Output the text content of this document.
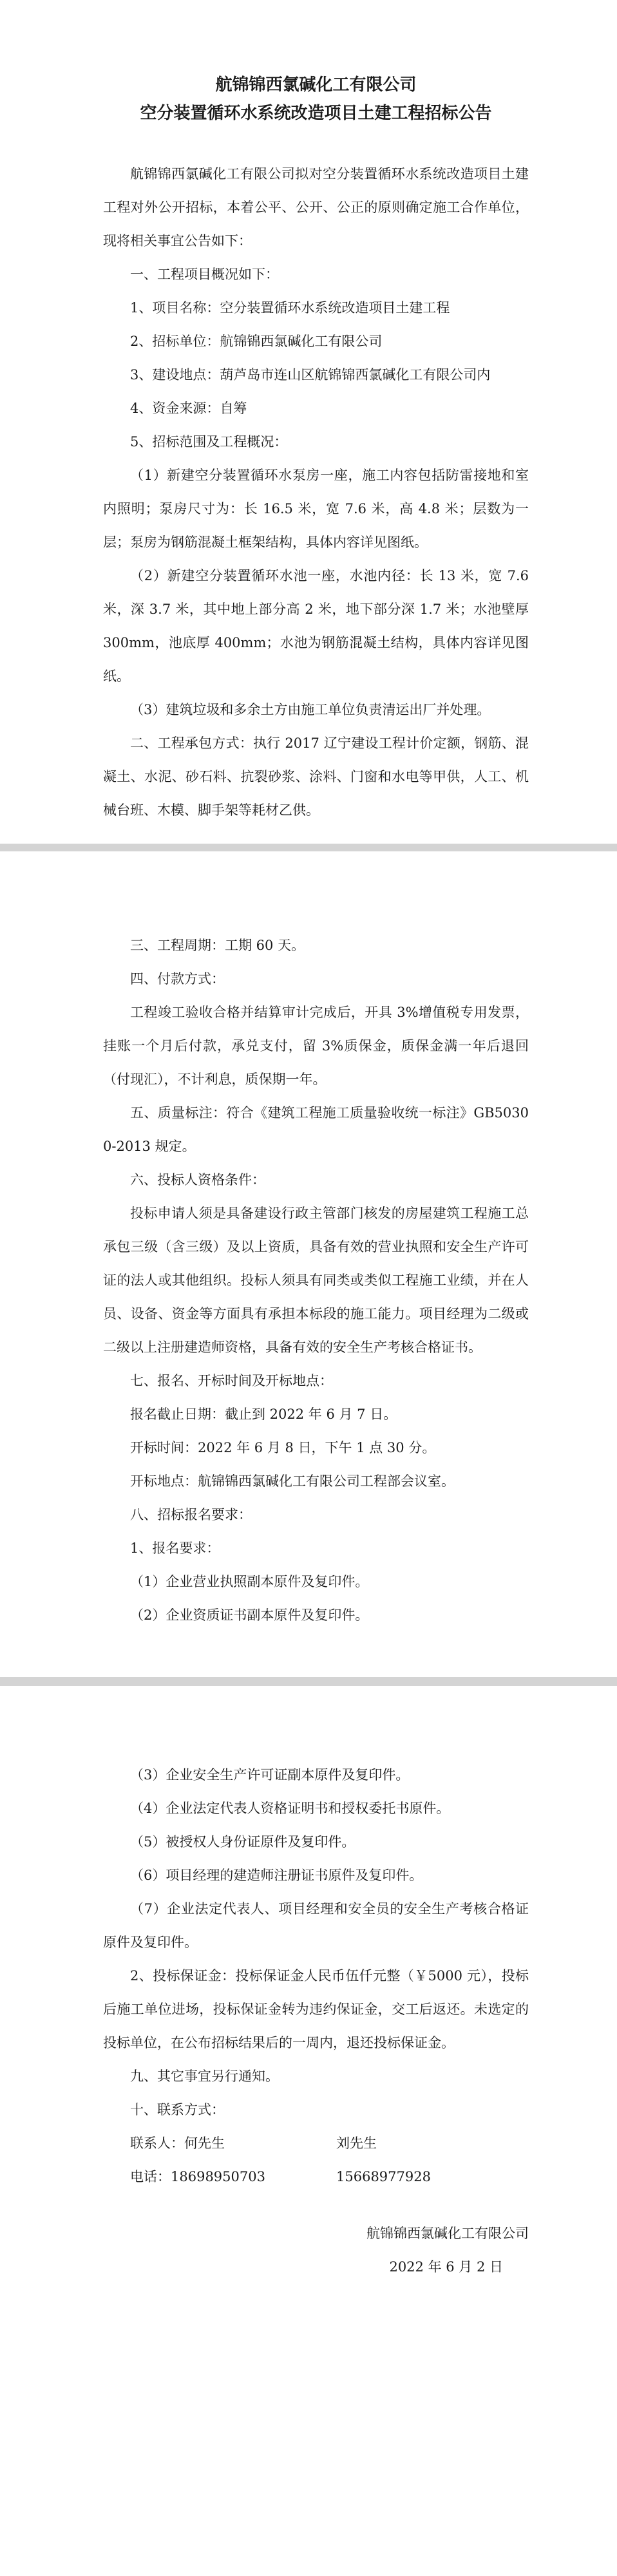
航锦锦西氯碱化工有限公司
空分装置循环水系统改造项目土建工程招标公告

航锦锦西氯碱化工有限公司拟对空分装置循环水系统改造项目土建工程对外公开招标，本着公平、公开、公正的原则确定施工合作单位，现将相关事宜公告如下：

一、工程项目概况如下：

1、项目名称：空分装置循环水系统改造项目土建工程

2、招标单位：航锦锦西氯碱化工有限公司

3、建设地点：葫芦岛市连山区航锦锦西氯碱化工有限公司内

4、资金来源：自筹

5、招标范围及工程概况：

（1）新建空分装置循环水泵房一座，施工内容包括防雷接地和室内照明；泵房尺寸为：长 16.5 米，宽 7.6 米，高 4.8 米；层数为一层；泵房为钢筋混凝土框架结构，具体内容详见图纸。

（2）新建空分装置循环水池一座，水池内径：长 13 米，宽 7.6 米，深 3.7 米，其中地上部分高 2 米，地下部分深 1.7 米；水池壁厚 300mm，池底厚 400mm；水池为钢筋混凝土结构，具体内容详见图纸。

（3）建筑垃圾和多余土方由施工单位负责清运出厂并处理。

二、工程承包方式：执行 2017 辽宁建设工程计价定额，钢筋、混凝土、水泥、砂石料、抗裂砂浆、涂料、门窗和水电等甲供，人工、机械台班、木模、脚手架等耗材乙供。

三、工程周期：工期 60 天。

四、付款方式：

工程竣工验收合格并结算审计完成后，开具 3%增值税专用发票，挂账一个月后付款，承兑支付，留 3%质保金，质保金满一年后退回（付现汇），不计利息，质保期一年。

五、质量标注：符合《建筑工程施工质量验收统一标注》GB50300-2013 规定。

六、投标人资格条件：

投标申请人须是具备建设行政主管部门核发的房屋建筑工程施工总承包三级（含三级）及以上资质，具备有效的营业执照和安全生产许可证的法人或其他组织。投标人须具有同类或类似工程施工业绩，并在人员、设备、资金等方面具有承担本标段的施工能力。项目经理为二级或二级以上注册建造师资格，具备有效的安全生产考核合格证书。

七、报名、开标时间及开标地点：

报名截止日期：截止到 2022 年 6 月 7 日。

开标时间：2022 年 6 月 8 日，下午 1 点 30 分。

开标地点：航锦锦西氯碱化工有限公司工程部会议室。

八、招标报名要求：

1、报名要求：

（1）企业营业执照副本原件及复印件。

（2）企业资质证书副本原件及复印件。

（3）企业安全生产许可证副本原件及复印件。

（4）企业法定代表人资格证明书和授权委托书原件。

（5）被授权人身份证原件及复印件。

（6）项目经理的建造师注册证书原件及复印件。

（7）企业法定代表人、项目经理和安全员的安全生产考核合格证原件及复印件。

2、投标保证金：投标保证金人民币伍仟元整（￥5000 元），投标后施工单位进场，投标保证金转为违约保证金，交工后返还。未选定的投标单位，在公布招标结果后的一周内，退还投标保证金。

九、其它事宜另行通知。

十、联系方式：

联系人：何先生	刘先生
电话：18698950703	15668977928

航锦锦西氯碱化工有限公司

2022 年 6 月 2 日
